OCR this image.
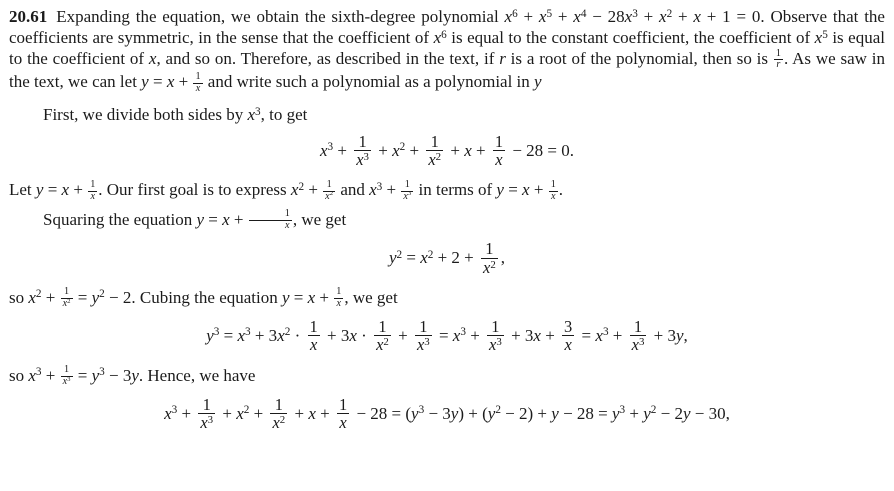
20.61 Expanding the equation, we obtain the sixth-degree polynomial $x^6 + x^5 + x^4 - 28x^3 + x^2 + x + 1 = 0$. Observe that the coefficients are symmetric, in the sense that the coefficient of $x^6$ is equal to the constant coefficient, the coefficient of $x^5$ is equal to the coefficient of x, and so on. Therefore, as described in the text, if r is a root of the polynomial, then so is $\frac{1}{r}$ . As we saw in the text, we can let $y = x + \frac{1}{x}$ and write such a polynomial as a polynomial in y

First, we divide both sides by $x^3$, to get

$x^3 + \frac{1}{x^3} + x^2 + \frac{1}{x^2} + x + \frac{1}{x} - 28 = 0$.

Let $y = x + \frac{1}{x}$ . Our first goal is to express $x^2 + \frac{1}{x^2}$ and $x^3 + \frac{1}{x^3}$ in terms of $y = x + \frac{1}{x}$ .

Squaring the equation $y = x + \frac{1}{x}$ , we get

$y^2 = x^2 + 2 + \frac{1}{x^2}$ ,

so $x^2 + \frac{1}{x^2} = y^2 - 2$. Cubing the equation $y = x + \frac{1}{x}$ , we get

$y^3 = x^3 + 3x^2 \cdot \frac{1}{x} + 3x \cdot \frac{1}{x^2} + \frac{1}{x^3} = x^3 + \frac{1}{x^3} + 3x + \frac{3}{x} = x^3 + \frac{1}{x^3} + 3y$,

so $x^3 + \frac{1}{x^3} = y^3 - 3y$. Hence, we have

$x^3 + \frac{1}{x^3} + x^2 + \frac{1}{x^2} + x + \frac{1}{x} - 28 = (y^3 - 3y) + (y^2 - 2) + y - 28 = y^3 + y^2 - 2y - 30$,
